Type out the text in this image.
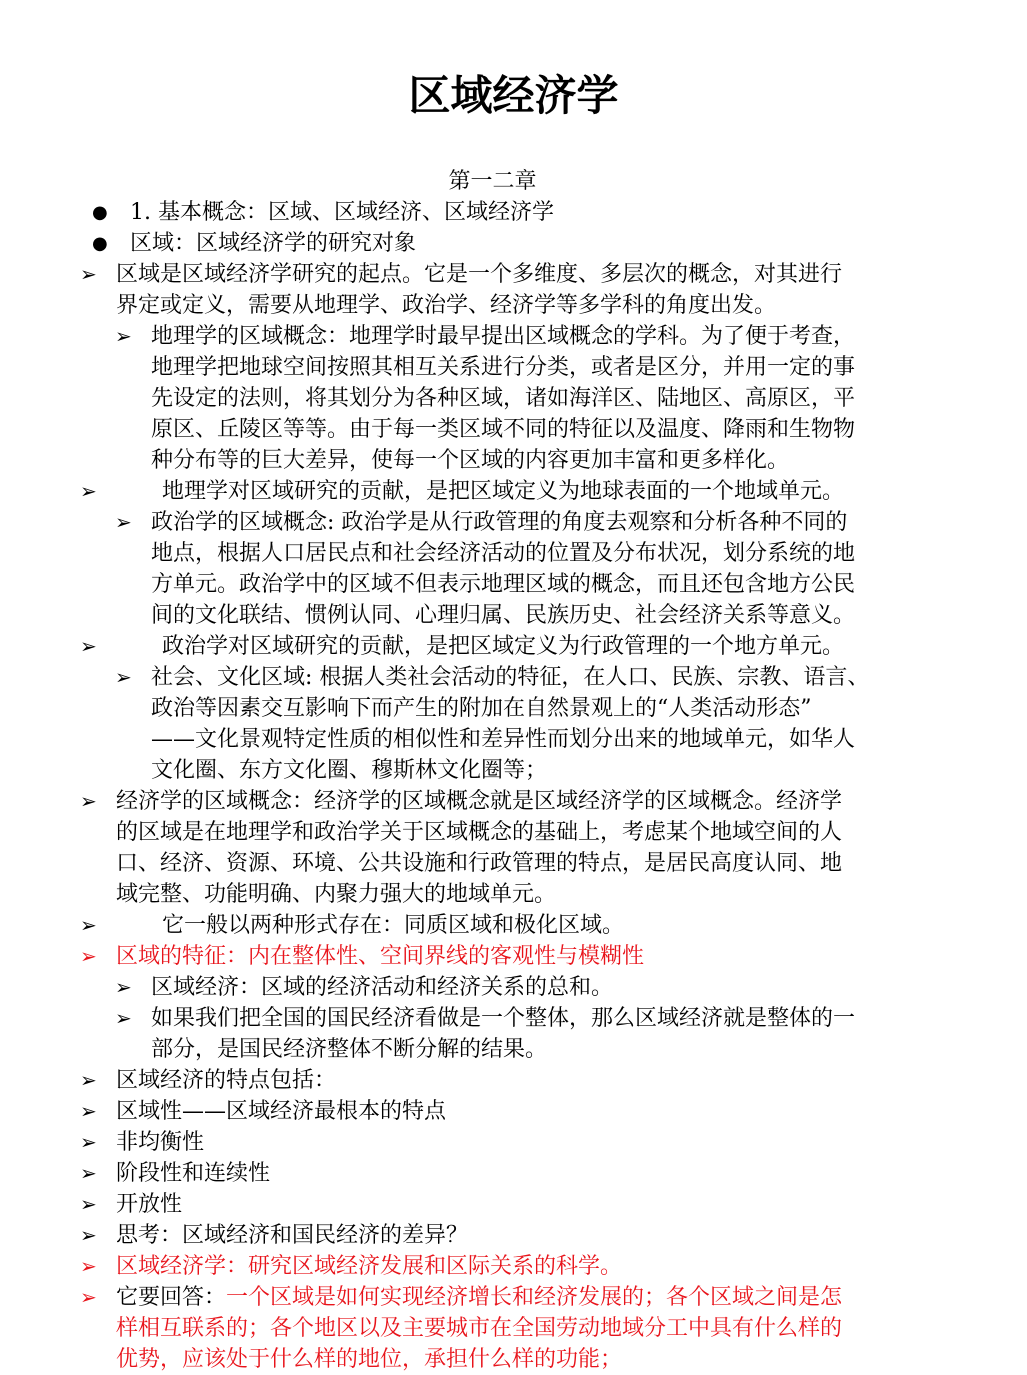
区域经济学
第一二章
● 1. 基本概念：区域、区域经济、区域经济学
● 区域：区域经济学的研究对象
➢ 区域是区域经济学研究的起点。它是一个多维度、多层次的概念，对其进行
界定或定义，需要从地理学、政治学、经济学等多学科的角度出发。
➢ 地理学的区域概念：地理学时最早提出区域概念的学科。为了便于考查，
地理学把地球空间按照其相互关系进行分类，或者是区分，并用一定的事
先设定的法则，将其划分为各种区域，诸如海洋区、陆地区、高原区，平
原区、丘陵区等等。由于每一类区域不同的特征以及温度、降雨和生物物
种分布等的巨大差异，使每一个区域的内容更加丰富和更多样化。
➢	地理学对区域研究的贡献，是把区域定义为地球表面的一个地域单元。
➢ 政治学的区域概念: 政治学是从行政管理的角度去观察和分析各种不同的
地点，根据人口居民点和社会经济活动的位置及分布状况，划分系统的地
方单元。政治学中的区域不但表示地理区域的概念，而且还包含地方公民
间的文化联结、惯例认同、心理归属、民族历史、社会经济关系等意义。
➢	政治学对区域研究的贡献，是把区域定义为行政管理的一个地方单元。
➢ 社会、文化区域: 根据人类社会活动的特征，在人口、民族、宗教、语言、
政治等因素交互影响下而产生的附加在自然景观上的“人类活动形态”
——文化景观特定性质的相似性和差异性而划分出来的地域单元，如华人
文化圈、东方文化圈、穆斯林文化圈等；
➢ 经济学的区域概念：经济学的区域概念就是区域经济学的区域概念。经济学
的区域是在地理学和政治学关于区域概念的基础上，考虑某个地域空间的人
口、经济、资源、环境、公共设施和行政管理的特点，是居民高度认同、地
域完整、功能明确、内聚力强大的地域单元。
➢	它一般以两种形式存在：同质区域和极化区域。
➢ 区域的特征：内在整体性、空间界线的客观性与模糊性
➢ 区域经济：区域的经济活动和经济关系的总和。
➢ 如果我们把全国的国民经济看做是一个整体，那么区域经济就是整体的一
部分，是国民经济整体不断分解的结果。
➢ 区域经济的特点包括：
➢ 区域性——区域经济最根本的特点
➢ 非均衡性
➢ 阶段性和连续性
➢ 开放性
➢ 思考：区域经济和国民经济的差异？
➢ 区域经济学：研究区域经济发展和区际关系的科学。
➢ 它要回答：一个区域是如何实现经济增长和经济发展的；各个区域之间是怎
样相互联系的；各个地区以及主要城市在全国劳动地域分工中具有什么样的
优势，应该处于什么样的地位，承担什么样的功能；
